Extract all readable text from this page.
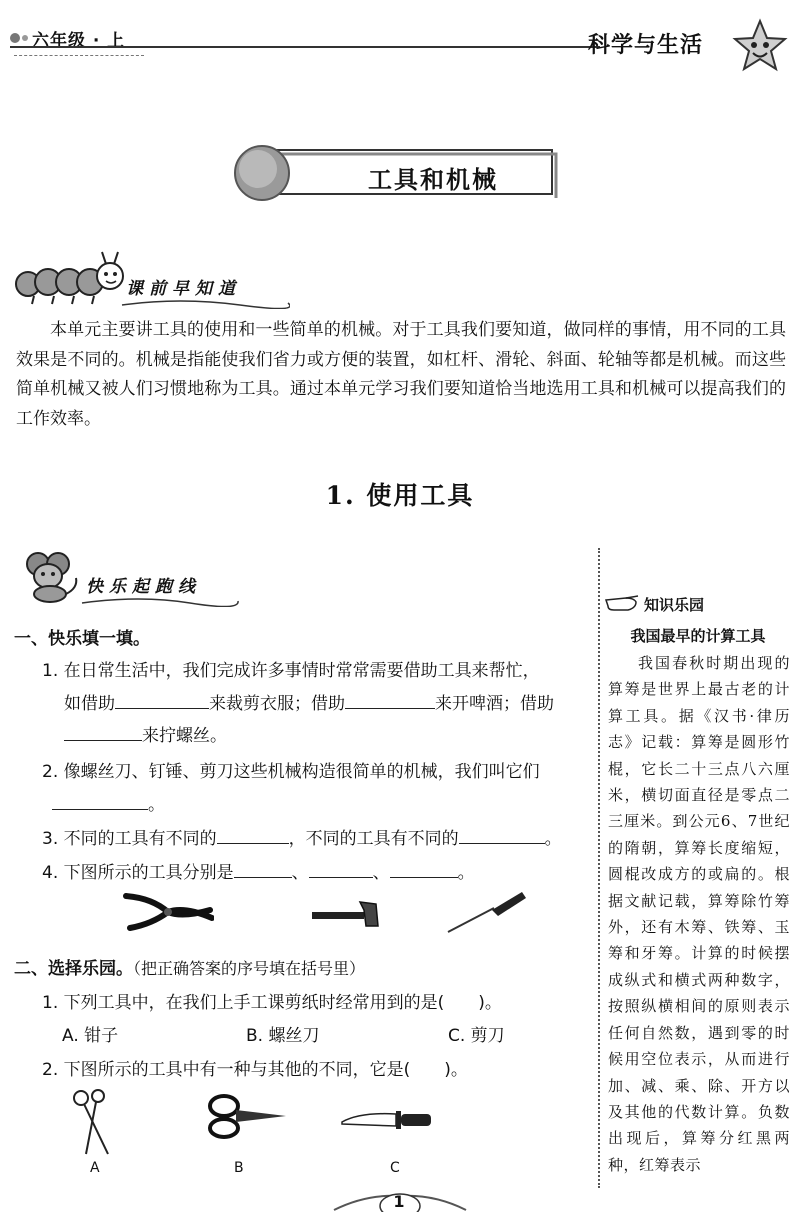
六年级 · 上	科学与生活
工具和机械
课前早知道
本单元主要讲工具的使用和一些简单的机械。对于工具我们要知道，做同样的事情，用不同的工具效果是不同的。机械是指能使我们省力或方便的装置，如杠杆、滑轮、斜面、轮轴等都是机械。而这些简单机械又被人们习惯地称为工具。通过本单元学习我们要知道恰当地选用工具和机械可以提高我们的工作效率。
1. 使用工具
快乐起跑线
一、快乐填一填。
1. 在日常生活中，我们完成许多事情时常常需要借助工具来帮忙，
如借助	来裁剪衣服；借助	来开啤酒；借助
来拧螺丝。
2. 像螺丝刀、钉锤、剪刀这些机械构造很简单的机械，我们叫它们
。
3. 不同的工具有不同的	，不同的工具有不同的	。
4. 下图所示的工具分别是	、	、	。
二、选择乐园。（把正确答案的序号填在括号里）
1. 下列工具中，在我们上手工课剪纸时经常用到的是(　　)。
A. 钳子	B. 螺丝刀	C. 剪刀
2. 下图所示的工具中有一种与其他的不同，它是(　　)。
A	B	C
知识乐园
我国最早的计算工具
我国春秋时期出现的算筹是世界上最古老的计算工具。据《汉书·律历志》记载：算筹是圆形竹棍，它长二十三点八六厘米，横切面直径是零点二三厘米。到公元6、7世纪的隋朝，算筹长度缩短，圆棍改成方的或扁的。根据文献记载，算筹除竹筹外，还有木筹、铁筹、玉筹和牙筹。计算的时候摆成纵式和横式两种数字，按照纵横相间的原则表示任何自然数，遇到零的时候用空位表示，从而进行加、减、乘、除、开方以及其他的代数计算。负数出现后，算筹分红黑两种，红筹表示
1
